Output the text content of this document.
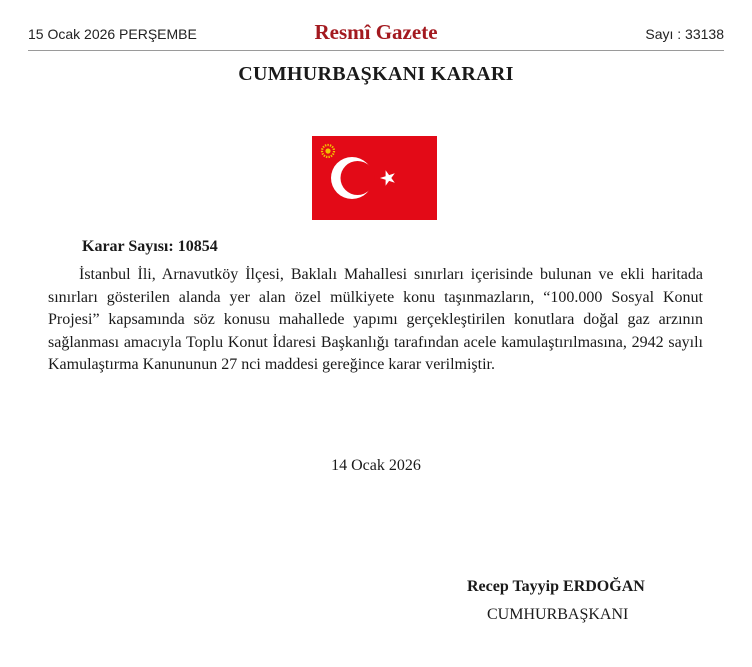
15 Ocak 2026 PERŞEMBE	Resmî Gazete	Sayı : 33138
CUMHURBAŞKANI KARARI
Karar Sayısı: 10854

İstanbul İli, Arnavutköy İlçesi, Baklalı Mahallesi sınırları içerisinde bulunan ve ekli haritada sınırları gösterilen alanda yer alan özel mülkiyete konu taşınmazların, “100.000 Sosyal Konut Projesi” kapsamında söz konusu mahallede yapımı gerçekleştirilen konutlara doğal gaz arzının sağlanması amacıyla Toplu Konut İdaresi Başkanlığı tarafından acele kamulaştırılmasına, 2942 sayılı Kamulaştırma Kanununun 27 nci maddesi gereğince karar verilmiştir.

14 Ocak 2026
Recep Tayyip ERDOĞAN
CUMHURBAŞKANI
